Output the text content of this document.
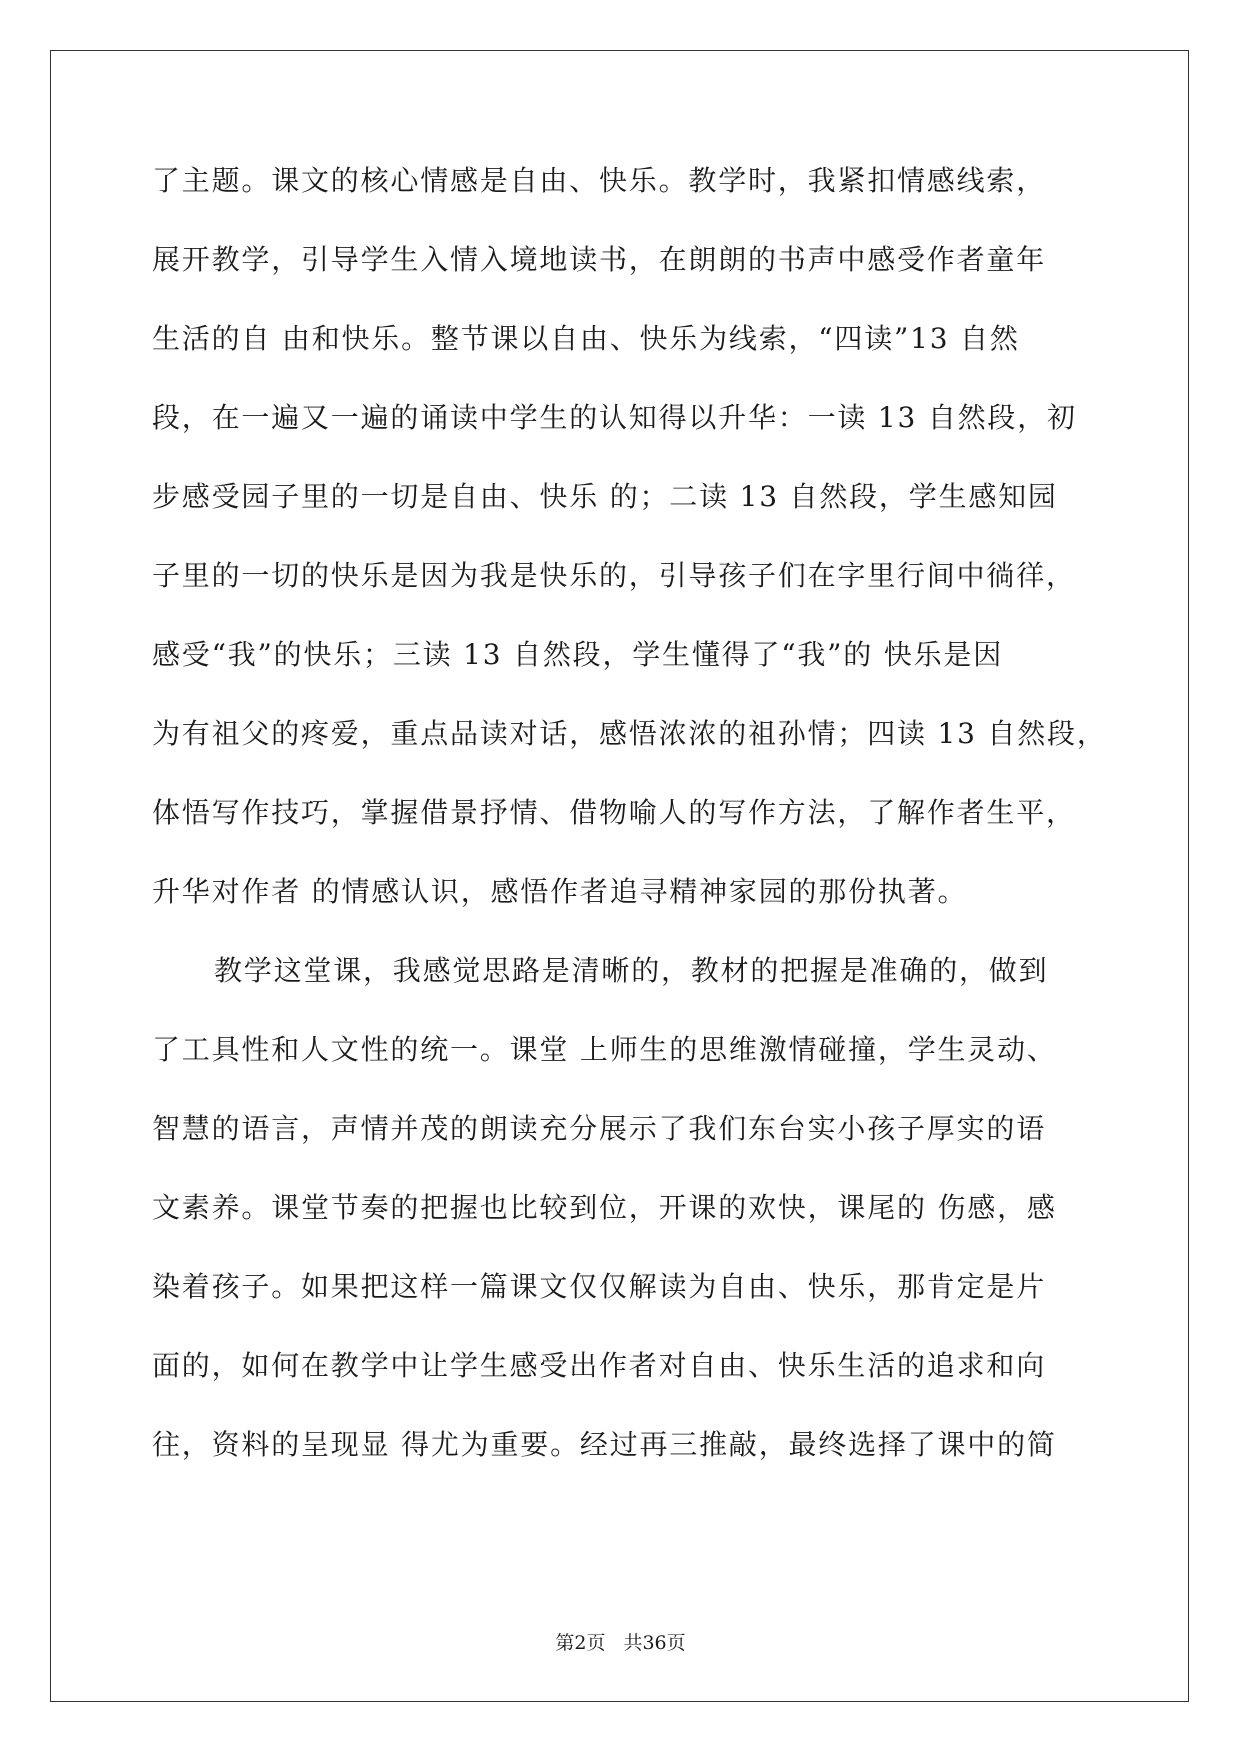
了主题。课文的核心情感是自由、快乐。教学时，我紧扣情感线索，
展开教学，引导学生入情入境地读书，在朗朗的书声中感受作者童年
生活的自 由和快乐。整节课以自由、快乐为线索，“四读”13 自然
段，在一遍又一遍的诵读中学生的认知得以升华：一读 13 自然段，初
步感受园子里的一切是自由、快乐 的；二读 13 自然段，学生感知园
子里的一切的快乐是因为我是快乐的，引导孩子们在字里行间中徜徉，
感受“我”的快乐；三读 13 自然段，学生懂得了“我”的 快乐是因
为有祖父的疼爱，重点品读对话，感悟浓浓的祖孙情；四读 13 自然段，
体悟写作技巧，掌握借景抒情、借物喻人的写作方法，了解作者生平，
升华对作者 的情感认识，感悟作者追寻精神家园的那份执著。
教学这堂课，我感觉思路是清晰的，教材的把握是准确的，做到
了工具性和人文性的统一。课堂 上师生的思维激情碰撞，学生灵动、
智慧的语言，声情并茂的朗读充分展示了我们东台实小孩子厚实的语
文素养。课堂节奏的把握也比较到位，开课的欢快，课尾的 伤感，感
染着孩子。如果把这样一篇课文仅仅解读为自由、快乐，那肯定是片
面的，如何在教学中让学生感受出作者对自由、快乐生活的追求和向
往，资料的呈现显 得尤为重要。经过再三推敲，最终选择了课中的简
第2页 共36页
